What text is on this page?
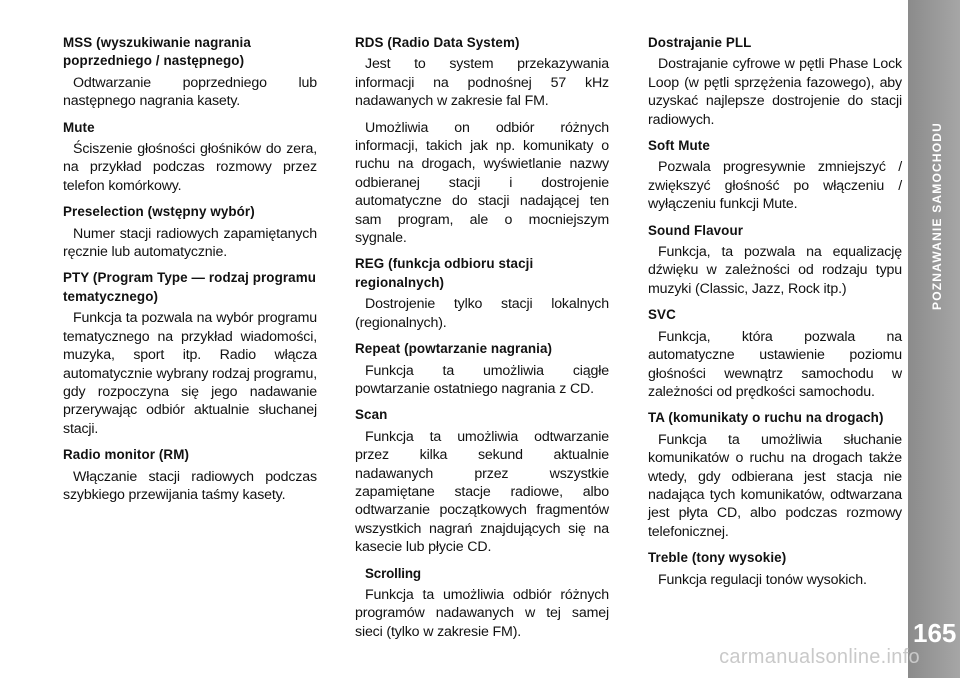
MSS (wyszukiwanie nagrania poprzedniego / następnego)
Odtwarzanie poprzedniego lub następnego nagrania kasety.
Mute
Ściszenie głośności głośników do zera, na przykład podczas rozmowy przez telefon komórkowy.
Preselection (wstępny wybór)
Numer stacji radiowych zapamiętanych ręcznie lub automatycznie.
PTY (Program Type — rodzaj programu tematycznego)
Funkcja ta pozwala na wybór programu tematycznego na przykład wiadomości, muzyka, sport itp. Radio włącza automatycznie wybrany rodzaj programu, gdy rozpoczyna się jego nadawanie przerywając odbiór aktualnie słuchanej stacji.
Radio monitor (RM)
Włączanie stacji radiowych podczas szybkiego przewijania taśmy kasety.
RDS (Radio Data System)
Jest to system przekazywania informacji na podnośnej 57 kHz nadawanych w zakresie fal FM.
Umożliwia on odbiór różnych informacji, takich jak np. komunikaty o ruchu na drogach, wyświetlanie nazwy odbieranej stacji i dostrojenie automatyczne do stacji nadającej ten sam program, ale o mocniejszym sygnale.
REG (funkcja odbioru stacji regionalnych)
Dostrojenie tylko stacji lokalnych (regionalnych).
Repeat (powtarzanie nagrania)
Funkcja ta umożliwia ciągłe powtarzanie ostatniego nagrania z CD.
Scan
Funkcja ta umożliwia odtwarzanie przez kilka sekund aktualnie nadawanych przez wszystkie zapamiętane stacje radiowe, albo odtwarzanie początkowych fragmentów wszystkich nagrań znajdujących się na kasecie lub płycie CD.
Scrolling
Funkcja ta umożliwia odbiór różnych programów nadawanych w tej samej sieci (tylko w zakresie FM).
Dostrajanie PLL
Dostrajanie cyfrowe w pętli Phase Lock Loop (w pętli sprzężenia fazowego), aby uzyskać najlepsze dostrojenie do stacji radiowych.
Soft Mute
Pozwala progresywnie zmniejszyć / zwiększyć głośność po włączeniu / wyłączeniu funkcji Mute.
Sound Flavour
Funkcja, ta pozwala na equalizację dźwięku w zależności od rodzaju typu muzyki (Classic, Jazz, Rock itp.)
SVC
Funkcja, która pozwala na automatyczne ustawienie poziomu głośności wewnątrz samochodu w zależności od prędkości samochodu.
TA (komunikaty o ruchu na drogach)
Funkcja ta umożliwia słuchanie komunikatów o ruchu na drogach także wtedy, gdy odbierana jest stacja nie nadająca tych komunikatów, odtwarzana jest płyta CD, albo podczas rozmowy telefonicznej.
Treble (tony wysokie)
Funkcja regulacji tonów wysokich.
POZNAWANIE SAMOCHODU
165
carmanualsonline.info
